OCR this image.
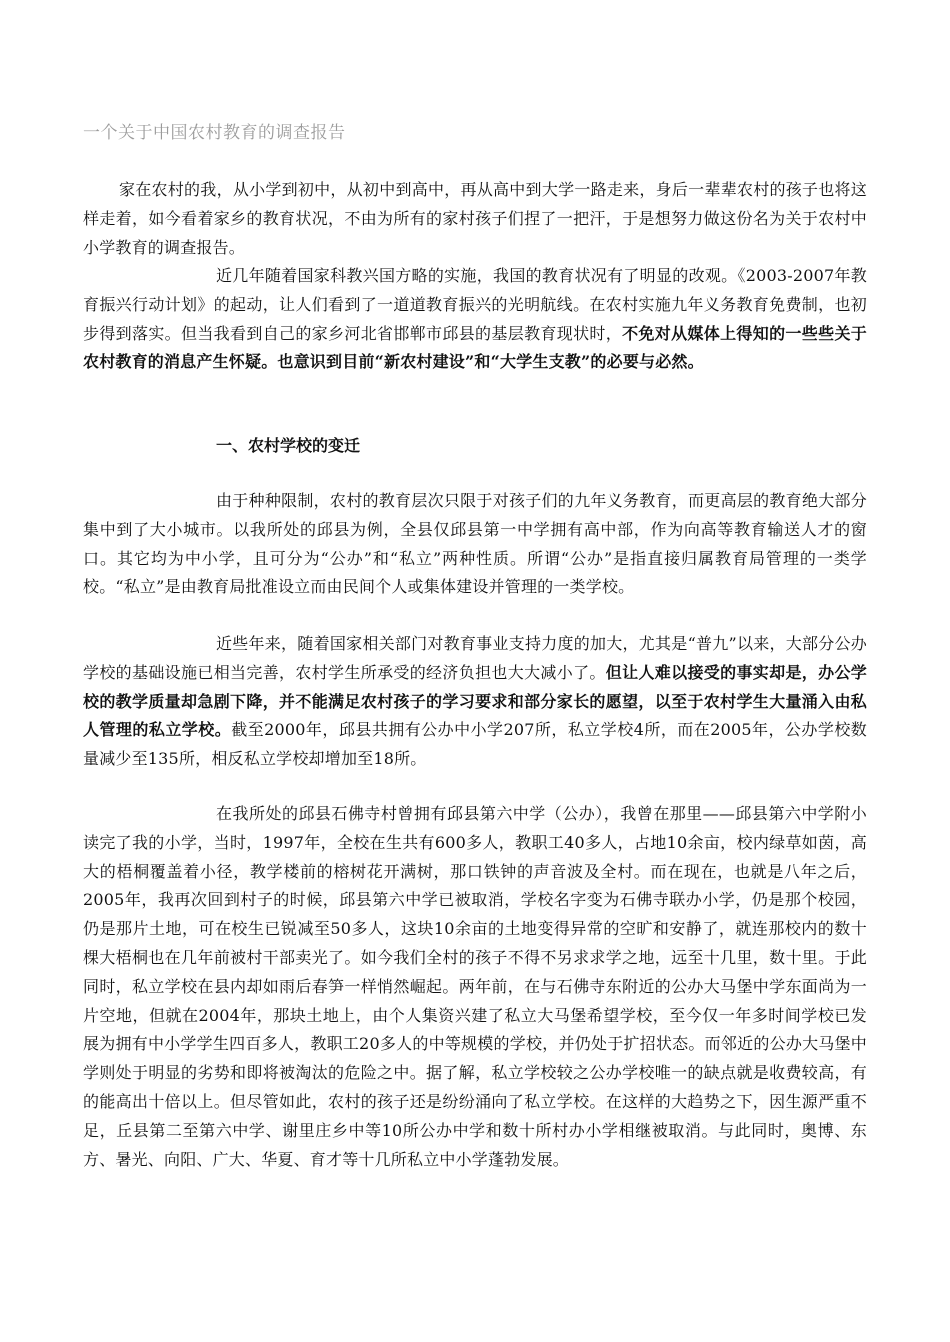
一个关于中国农村教育的调查报告
家在农村的我，从小学到初中，从初中到高中，再从高中到大学一路走来，身后一辈辈农村的孩子也将这样走着，如今看着家乡的教育状况，不由为所有的家村孩子们捏了一把汗，于是想努力做这份名为关于农村中小学教育的调查报告。
近几年随着国家科教兴国方略的实施，我国的教育状况有了明显的改观。《2003-2007年教育振兴行动计划》的起动，让人们看到了一道道教育振兴的光明航线。在农村实施九年义务教育免费制，也初步得到落实。但当我看到自己的家乡河北省邯郸市邱县的基层教育现状时，不免对从媒体上得知的一些些关于农村教育的消息产生怀疑。也意识到目前“新农村建设”和“大学生支教”的必要与必然。
一、农村学校的变迁
由于种种限制，农村的教育层次只限于对孩子们的九年义务教育，而更高层的教育绝大部分集中到了大小城市。以我所处的邱县为例，全县仅邱县第一中学拥有高中部，作为向高等教育输送人才的窗口。其它均为中小学，且可分为“公办”和“私立”两种性质。所谓“公办”是指直接归属教育局管理的一类学校。“私立”是由教育局批准设立而由民间个人或集体建设并管理的一类学校。
近些年来，随着国家相关部门对教育事业支持力度的加大，尤其是“普九”以来，大部分公办学校的基础设施已相当完善，农村学生所承受的经济负担也大大减小了。但让人难以接受的事实却是，办公学校的教学质量却急剧下降，并不能满足农村孩子的学习要求和部分家长的愿望，以至于农村学生大量涌入由私人管理的私立学校。截至2000年，邱县共拥有公办中小学207所，私立学校4所，而在2005年，公办学校数量减少至135所，相反私立学校却增加至18所。
在我所处的邱县石佛寺村曾拥有邱县第六中学（公办），我曾在那里——邱县第六中学附小读完了我的小学，当时，1997年，全校在生共有600多人，教职工40多人，占地10余亩，校内绿草如茵，高大的梧桐覆盖着小径，教学楼前的榕树花开满树，那口铁钟的声音波及全村。而在现在，也就是八年之后，2005年，我再次回到村子的时候，邱县第六中学已被取消，学校名字变为石佛寺联办小学，仍是那个校园，仍是那片土地，可在校生已锐减至50多人，这块10余亩的土地变得异常的空旷和安静了，就连那校内的数十棵大梧桐也在几年前被村干部卖光了。如今我们全村的孩子不得不另求求学之地，远至十几里，数十里。于此同时，私立学校在县内却如雨后春笋一样悄然崛起。两年前，在与石佛寺东附近的公办大马堡中学东面尚为一片空地，但就在2004年，那块土地上，由个人集资兴建了私立大马堡希望学校，至今仅一年多时间学校已发展为拥有中小学学生四百多人，教职工20多人的中等规模的学校，并仍处于扩招状态。而邻近的公办大马堡中学则处于明显的劣势和即将被淘汰的危险之中。据了解，私立学校较之公办学校唯一的缺点就是收费较高，有的能高出十倍以上。但尽管如此，农村的孩子还是纷纷涌向了私立学校。在这样的大趋势之下，因生源严重不足，丘县第二至第六中学、谢里庄乡中等10所公办中学和数十所村办小学相继被取消。与此同时，奥博、东方、暑光、向阳、广大、华夏、育才等十几所私立中小学蓬勃发展。
